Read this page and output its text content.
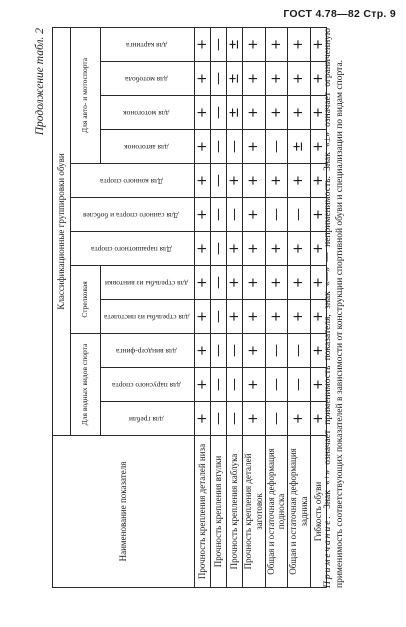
ГОСТ 4.78—82 Стр. 9
Продолжение табл. 2
Наименование показателя	Классификационные группировки обуви											
	Для водных видов спорта			Стрелковая		Для парашютного спорта	Для санного спорта и бобслея	Для конного спорта	Для авто- и мотоспорта			
	для гребли	для парусного спорта	для виндсер-финга	для стрельбы из пистолета	для стрельбы из винтовки				для автогонок	для мотогонок	для мотобола	для картинга
Прочность крепления деталей низа	+	+	+	+	+	+	+	+	+	+	+	+
Прочность крепления втулки	—	—	—	—	—	—	—	—	—	—	—	—
Прочность крепления каблука	—	—	—	+	+	+	—	+	—	±	±	±
Прочность крепления деталей заготовок	+	+	+	+	+	+	+	+	+	+	+	+
Общая и остаточная деформация подноска	—	—	—	+	+	+	—	+	—	+	+	+
Общая и остаточная деформация задника	+	—	—	+	+	+	—	+	±	+	+	+
Гибкость обуви	+	+	+	+	+	+	+	+	+	+	+	+
Примечание. Знак «+» означает применимость показателя, знак «—» — неприменимость. Знак «±» означает ограниченную применимость соответствующих показателей в зависимости от конструкции спортивной обуви и специализации по видам спорта.
